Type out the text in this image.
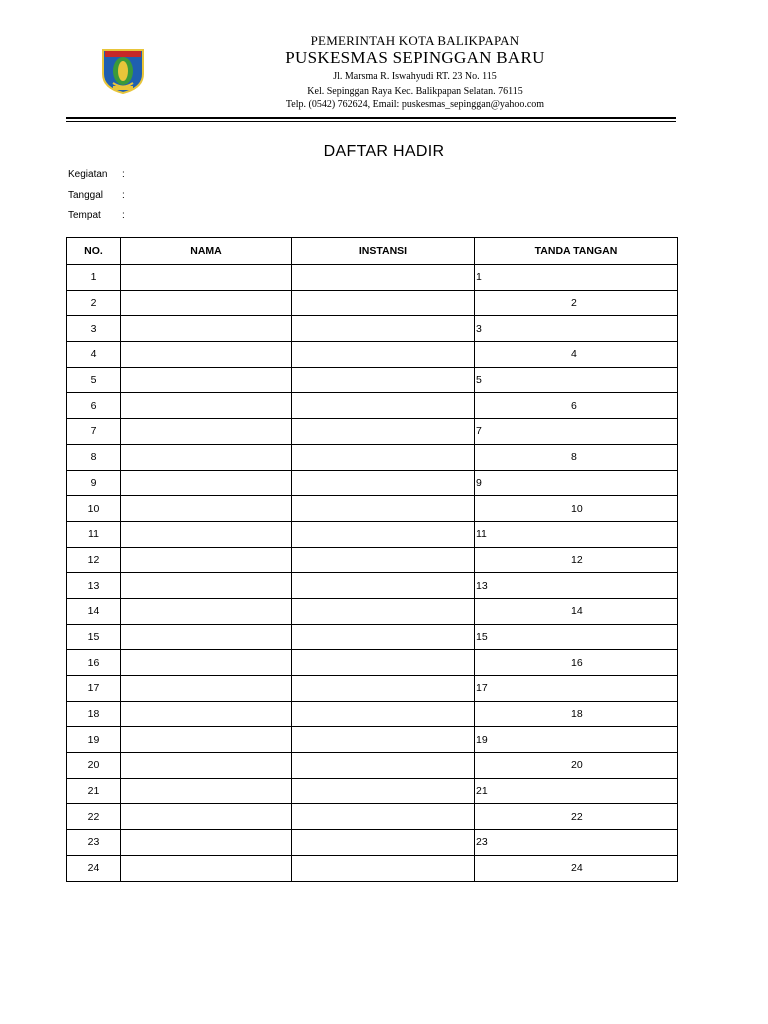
PEMERINTAH KOTA BALIKPAPAN
PUSKESMAS SEPINGGAN BARU
Jl. Marsma R. Iswahyudi RT. 23 No. 115
Kel. Sepinggan Raya Kec. Balikpapan Selatan. 76115
Telp. (0542) 762624, Email: puskesmas_sepinggan@yahoo.com
DAFTAR HADIR
Kegiatan :
Tanggal :
Tempat :
NO.	NAMA	INSTANSI	TANDA TANGAN
1			1

2			2

3			3

4			4

5			5

6			6

7			7

8			8

9			9

10			10

11			11

12			12

13			13

14			14

15			15

16			16

17			17

18			18

19			19

20			20

21			21

22			22

23			23

24			24
